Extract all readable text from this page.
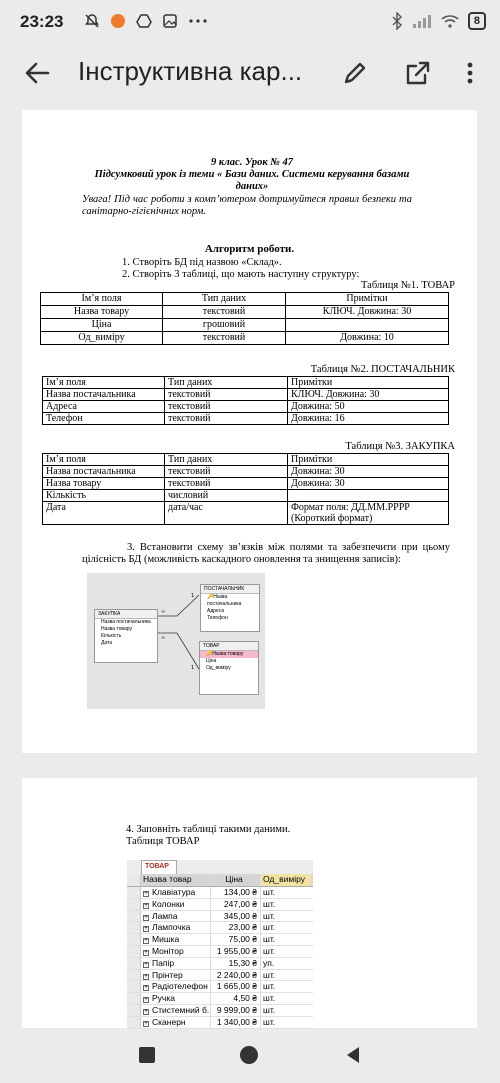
23:23	8
Інструктивна кар...
9 клас. Урок № 47
Підсумковий урок із теми « Бази даних. Системи керування базами
даних»
Увага! Під час роботи з комп’ютером дотримуйтеся правил безпеки та санітарно-гігієнічних норм.
Алгоритм роботи.
1. Створіть БД під назвою «Склад».
2. Створіть 3 таблиці, що мають наступну структуру:
Таблиця №1. ТОВАР
Ім’я поля	Тип даних	Примітки
Назва товару	текстовий	КЛЮЧ. Довжина: 30
Ціна	грошовий	
Од_виміру	текстовий	Довжина: 10
Таблиця №2. ПОСТАЧАЛЬНИК
Ім’я поля	Тип даних	Примітки
Назва постачальника	текстовий	КЛЮЧ. Довжина: 30
Адреса	текстовий	Довжина: 50
Телефон	текстовий	Довжина: 16
Таблиця №3. ЗАКУПКА
Ім’я поля	Тип даних	Примітки
Назва постачальника	текстовий	Довжина: 30
Назва товару	текстовий	Довжина: 30
Кількість	числовий	
Дата	дата/час	Формат поля: ДД.ММ.РРРР
(Короткий формат)
3. Встановити схему зв’язків між полями та забезпечити при цьому цілісність БД (можливість каскадного оновлення та знищення записів):
∞
∞
1
1
ЗАКУПКА
Назва постачальника
Назва товару
Кількість
Дата
ПОСТАЧАЛЬНИК
🔑Назва постачальника
Адреса
Телефон
ТОВАР
🔑Назва товару
Ціна
Од_виміру
4. Заповніть таблиці такими даними.
Таблиця ТОВАР
ТОВАР
Назва товар	Ціна	Од_виміру
+ Клавіатура	134,00 ₴ шт.
+ Колонки	247,00 ₴ шт.
+ Лампа	345,00 ₴ шт.
+ Лампочка	23,00 ₴ шт.
+ Мишка	75,00 ₴ шт.
+ Монітор	1 955,00 ₴ шт.
+ Папір	15,30 ₴ уп.
+ Прінтер	2 240,00 ₴ шт.
+ Радіотелефон	1 665,00 ₴ шт.
+ Ручка	4,50 ₴ шт.
+ Стистемний б. 9 999,00 ₴ шт.
+ Сканерн	1 340,00 ₴ шт.
